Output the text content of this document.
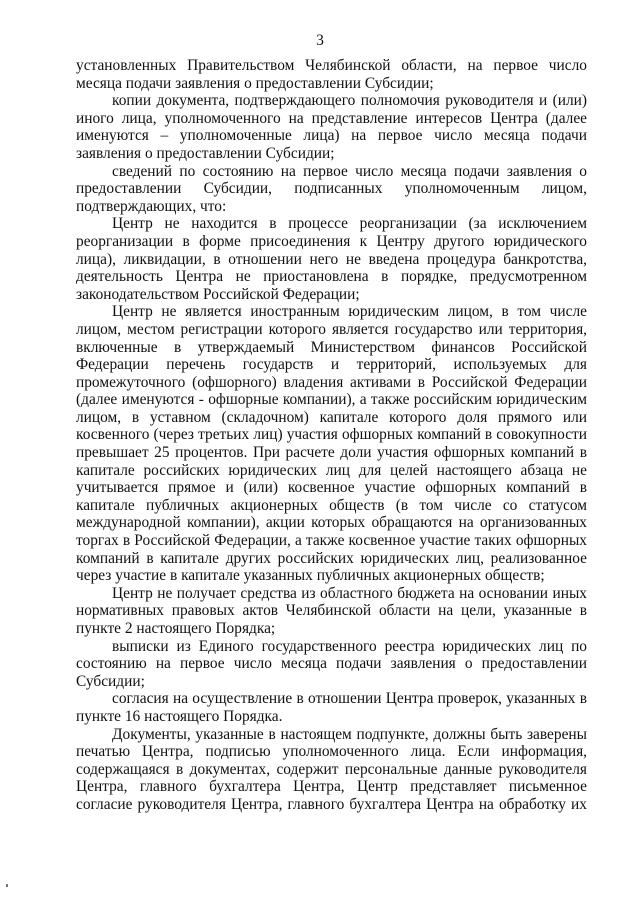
3

установленных Правительством Челябинской области, на первое число месяца подачи заявления о предоставлении Субсидии;

копии документа, подтверждающего полномочия руководителя и (или) иного лица, уполномоченного на представление интересов Центра (далее именуются – уполномоченные лица) на первое число месяца подачи заявления о предоставлении Субсидии;

сведений по состоянию на первое число месяца подачи заявления о предоставлении Субсидии, подписанных уполномоченным лицом, подтверждающих, что:

Центр не находится в процессе реорганизации (за исключением реорганизации в форме присоединения к Центру другого юридического лица), ликвидации, в отношении него не введена процедура банкротства, деятельность Центра не приостановлена в порядке, предусмотренном законодательством Российской Федерации;

Центр не является иностранным юридическим лицом, в том числе лицом, местом регистрации которого является государство или территория, включенные в утверждаемый Министерством финансов Российской Федерации перечень государств и территорий, используемых для промежуточного (офшорного) владения активами в Российской Федерации (далее именуются - офшорные компании), а также российским юридическим лицом, в уставном (складочном) капитале которого доля прямого или косвенного (через третьих лиц) участия офшорных компаний в совокупности превышает 25 процентов. При расчете доли участия офшорных компаний в капитале российских юридических лиц для целей настоящего абзаца не учитывается прямое и (или) косвенное участие офшорных компаний в капитале публичных акционерных обществ (в том числе со статусом международной компании), акции которых обращаются на организованных торгах в Российской Федерации, а также косвенное участие таких офшорных компаний в капитале других российских юридических лиц, реализованное через участие в капитале указанных публичных акционерных обществ;

Центр не получает средства из областного бюджета на основании иных нормативных правовых актов Челябинской области на цели, указанные в пункте 2 настоящего Порядка;

выписки из Единого государственного реестра юридических лиц по состоянию на первое число месяца подачи заявления о предоставлении Субсидии;

согласия на осуществление в отношении Центра проверок, указанных в пункте 16 настоящего Порядка.

Документы, указанные в настоящем подпункте, должны быть заверены печатью Центра, подписью уполномоченного лица. Если информация, содержащаяся в документах, содержит персональные данные руководителя Центра, главного бухгалтера Центра, Центр представляет письменное согласие руководителя Центра, главного бухгалтера Центра на обработку их
